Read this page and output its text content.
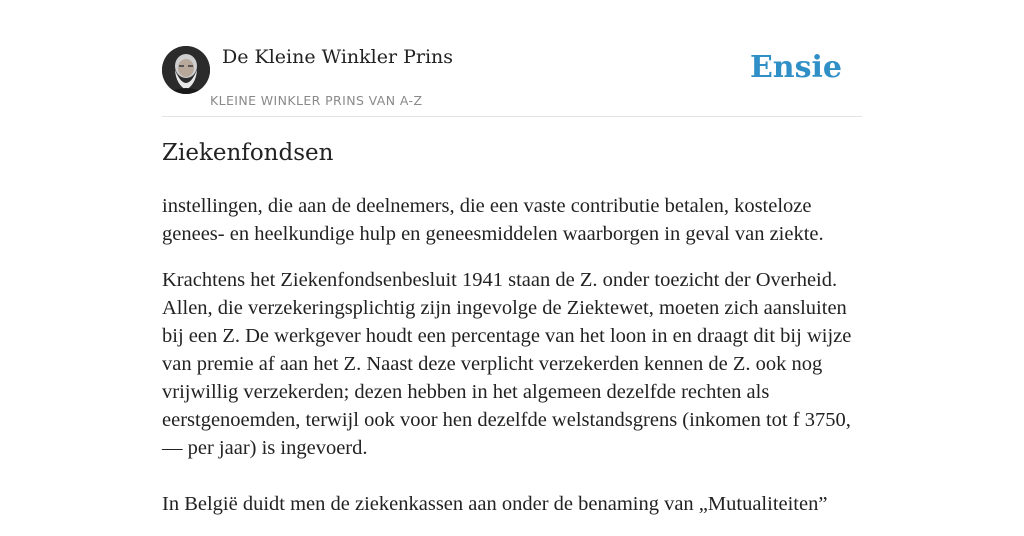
De Kleine Winkler Prins
KLEINE WINKLER PRINS VAN A-Z
Ensie
Ziekenfondsen

instellingen, die aan de deelnemers, die een vaste contributie betalen, kosteloze genees- en heelkundige hulp en geneesmiddelen waarborgen in geval van ziekte.

Krachtens het Ziekenfondsenbesluit 1941 staan de Z. onder toezicht der Overheid. Allen, die verzekeringsplichtig zijn ingevolge de Ziektewet, moeten zich aansluiten bij een Z. De werkgever houdt een percentage van het loon in en draagt dit bij wijze van premie af aan het Z. Naast deze verplicht verzekerden kennen de Z. ook nog vrijwillig verzekerden; dezen hebben in het algemeen dezelfde rechten als eerstgenoemden, terwijl ook voor hen dezelfde welstandsgrens (inkomen tot f 3750,— per jaar) is ingevoerd.

In België duidt men de ziekenkassen aan onder de benaming van „Mutualiteiten”
